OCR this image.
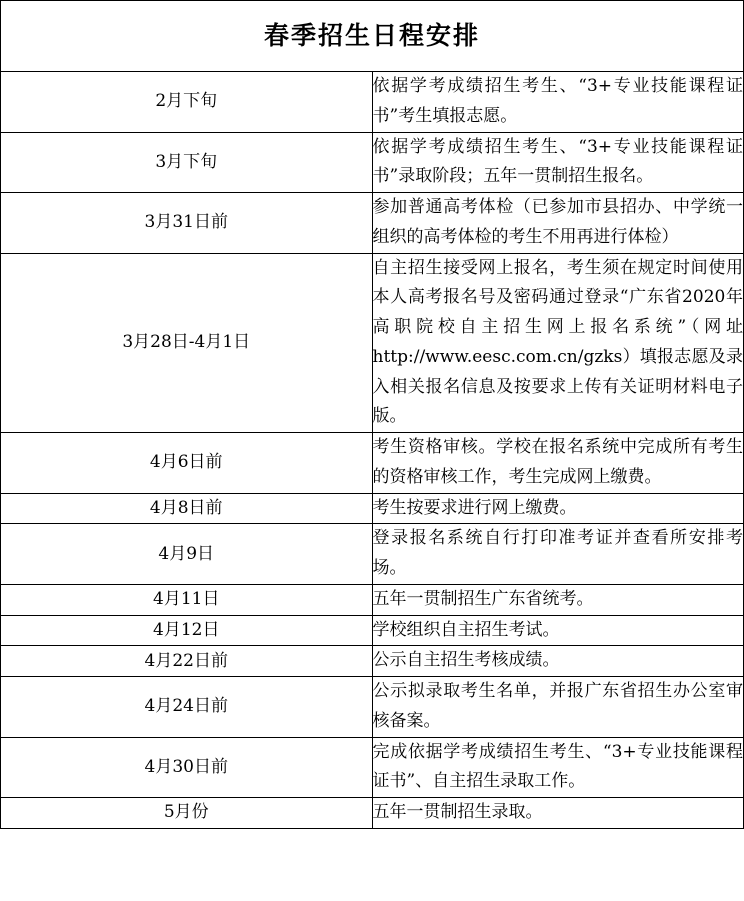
春季招生日程安排	
2月下旬	依据学考成绩招生考生、“3+专业技能课程证书”考生填报志愿。

3月下旬	依据学考成绩招生考生、“3+专业技能课程证书”录取阶段；五年一贯制招生报名。

3月31日前	参加普通高考体检（已参加市县招办、中学统一组织的高考体检的考生不用再进行体检）

3月28日-4月1日	自主招生接受网上报名，考生须在规定时间使用本人高考报名号及密码通过登录“广东省2020年高职院校自主招生网上报名系统”（网址http://www.eesc.com.cn/gzks）填报志愿及录入相关报名信息及按要求上传有关证明材料电子版。

4月6日前	考生资格审核。学校在报名系统中完成所有考生的资格审核工作，考生完成网上缴费。

4月8日前	考生按要求进行网上缴费。

4月9日	登录报名系统自行打印准考证并查看所安排考场。

4月11日	五年一贯制招生广东省统考。

4月12日	学校组织自主招生考试。

4月22日前	公示自主招生考核成绩。

4月24日前	公示拟录取考生名单，并报广东省招生办公室审核备案。

4月30日前	完成依据学考成绩招生考生、“3+专业技能课程证书”、自主招生录取工作。

5月份	五年一贯制招生录取。
